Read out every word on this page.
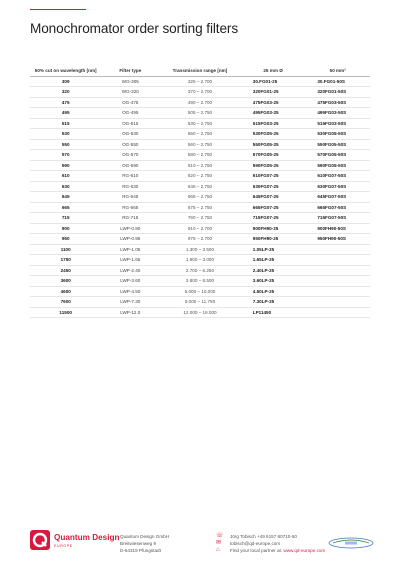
Monochromator order sorting filters
50% cut on wavelength [nm]	Filter type	Transmission range [nm]	25 mm Ø	50 mm²
309	WG-305	325 – 2.700	30.FG01-25	30.FG01-50S
320	WG-320	370 – 2.700	320FG01-25	320FG01-50S
475	OG-475	490 – 2.700	475FG03-25	475FG03-50S
495	OG-495	505 – 2.750	495FG03-25	495FG03-50S
515	OG-515	530 – 2.750	515FG03-25	515FG03-50S
530	OG-530	550 – 2.750	530FG05-25	530FG05-50S
550	OG-550	560 – 2.750	550FG05-25	550FG05-50S
570	OG-570	580 – 2.750	570FG05-25	570FG05-50S
590	OG-590	610 – 2.750	590FG05-25	590FG05-50S
610	RG-610	620 – 2.750	610FG07-25	610FG07-50S
630	RG-630	645 – 2.750	630FG07-25	630FG07-50S
645	RG-645	665 – 2.750	645FG07-25	645FG07-50S
665	RG-665	675 – 2.750	665FG07-25	665FG07-50S
715	RG-715	760 – 2.750	715FG07-25	715FG07-50S
900	LWP-0.90	910 – 2.700	900FH90-25	900FH90-50S
950	LWP-0.95	975 – 2.700	950FH90-25	950FH90-50S
1100	LWP-1.05	1.300 – 3.500	1.05LP-25	
1750	LWP-1.65	1.900 – 3.000	1.65LP-25	
2450	LWP-2.40	2.700 – 6.250	2.40LP-25	
3600	LWP-3.60	3.800 – 8.500	3.60LP-25	
4600	LWP-4.50	5.000 – 10.000	4.50LP-25	
7600	LWP-7.30	8.000 – 11.750	7.30LP-25	
11500	LWP-12.0	12.000 – 16.000	LP11450	
Quantum Design
EUROPE
Quantum Design GmbH
Breitwiesenweg 9
D-64319 Pfungstadt
☏
✉
⌂
Jörg Tobisch +49 6157 80710-50
tobisch@qd-europe.com
Find your local partner at: www.qd-europe.com
